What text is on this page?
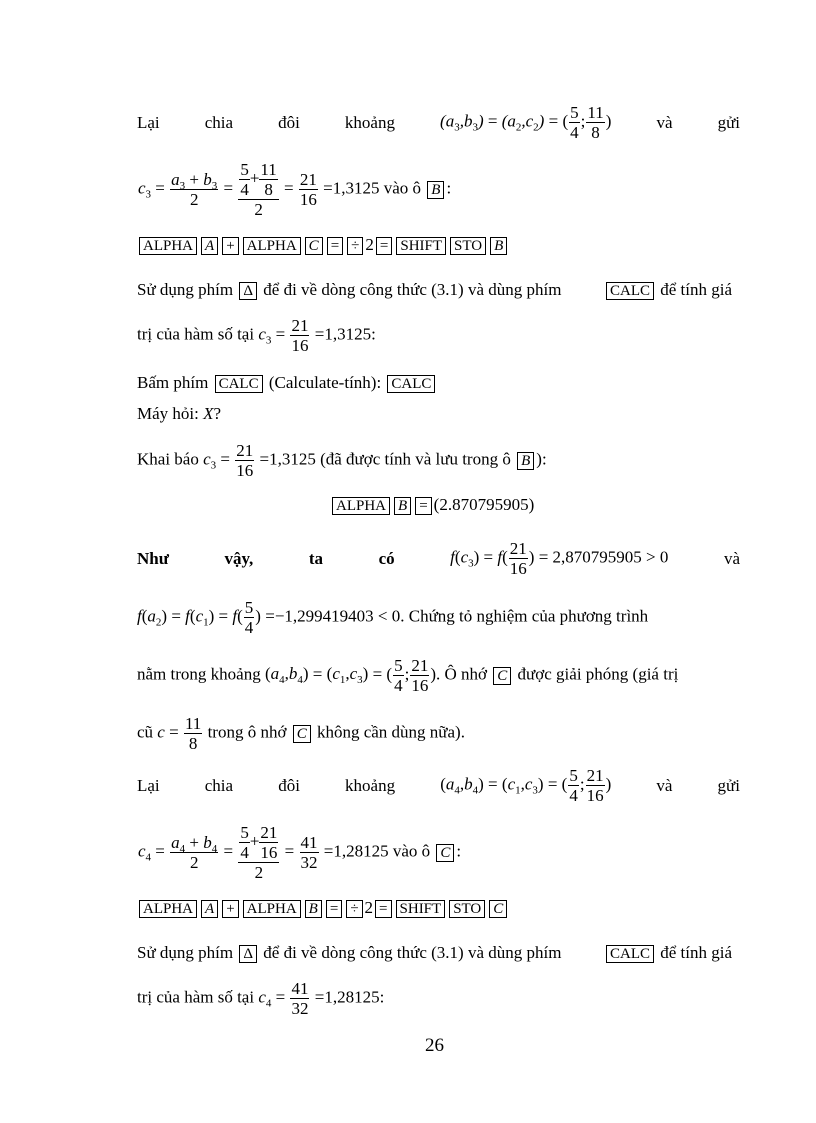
Lại	chia	đôi	khoảng	$(a_3,b_3) = (a_2,c_2)$ = ( $\frac{5}{4}$ ; $\frac{11}{8}$ )	và	gửi
$c_3 = \frac{a_3 + b_3}{2} = \frac{\frac{5}{4} + \frac{11}{8}}{2} = \frac{21}{16} =1,3125$ vào ô B :
ALPHA A + ALPHA C = ÷ 2 = SHIFT STO B
Sử dụng phím Δ để đi về dòng công thức (3.1) và dùng phím	CALC để tính giá
trị của hàm số tại $c_3 = \frac{21}{16} =1,3125$:
Bấm phím CALC (Calculate-tính): CALC
Máy hỏi: X?
Khai báo $c_3 = \frac{21}{16} =1,3125$ (đã được tính và lưu trong ô B ):
ALPHA B = (2.870795905)
Như	vậy,	ta	có	$f(c_3) = f( \frac{21}{16}$ ) = 2,870795905 > 0	và
$f(a_2) = f(c_1) = f( \frac{5}{4}$ ) =−1,299419403 < 0. Chứng tỏ nghiệm của phương trình
nằm trong khoảng $(a_4,b_4) = (c_1,c_3)$ = ( $\frac{5}{4}$ ; $\frac{21}{16}$ ). Ô nhớ C được giải phóng (giá trị
cũ $c = \frac{11}{8}$ trong ô nhớ C không cần dùng nữa).
Lại	chia	đôi	khoảng	$(a_4,b_4) = (c_1,c_3)$ = ( $\frac{5}{4}$ ; $\frac{21}{16}$ )	và	gửi
$c_4 = \frac{a_4 + b_4}{2} = \frac{\frac{5}{4} + \frac{21}{16}}{2} = \frac{41}{32} =1,28125$ vào ô C :
ALPHA A + ALPHA B = ÷ 2 = SHIFT STO C
Sử dụng phím Δ để đi về dòng công thức (3.1) và dùng phím	CALC để tính giá
trị của hàm số tại $c_4 = \frac{41}{32} =1,28125$:
26
